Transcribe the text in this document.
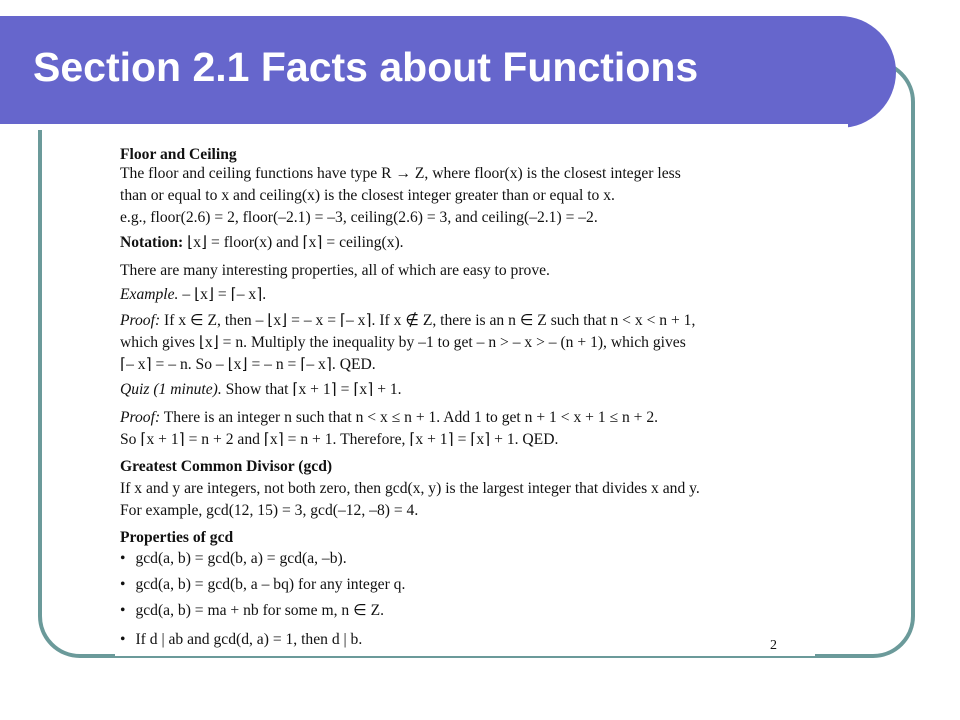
Section 2.1 Facts about Functions
Floor and Ceiling
The floor and ceiling functions have type R → Z, where floor(x) is the closest integer less
than or equal to x and ceiling(x) is the closest integer greater than or equal to x.
e.g., floor(2.6) = 2, floor(–2.1) = –3, ceiling(2.6) = 3, and ceiling(–2.1) = –2.
Notation: ⌊x⌋ = floor(x) and ⌈x⌉ = ceiling(x).
There are many interesting properties, all of which are easy to prove.
Example. – ⌊x⌋ = ⌈– x⌉.
Proof: If x ∈ Z, then – ⌊x⌋ = – x = ⌈– x⌉. If x ∉ Z, there is an n ∈ Z such that n < x < n + 1,
which gives ⌊x⌋ = n. Multiply the inequality by –1 to get – n > – x > – (n + 1), which gives
⌈– x⌉ = – n. So – ⌊x⌋ = – n = ⌈– x⌉. QED.
Quiz (1 minute). Show that ⌈x + 1⌉ = ⌈x⌉ + 1.
Proof: There is an integer n such that n < x ≤ n + 1. Add 1 to get n + 1 < x + 1 ≤ n + 2.
So ⌈x + 1⌉ = n + 2 and ⌈x⌉ = n + 1. Therefore, ⌈x + 1⌉ = ⌈x⌉ + 1. QED.
Greatest Common Divisor (gcd)
If x and y are integers, not both zero, then gcd(x, y) is the largest integer that divides x and y.
For example, gcd(12, 15) = 3, gcd(–12, –8) = 4.
Properties of gcd
• gcd(a, b) = gcd(b, a) = gcd(a, –b).
• gcd(a, b) = gcd(b, a – bq) for any integer q.
• gcd(a, b) = ma + nb for some m, n ∈ Z.
• If d | ab and gcd(d, a) = 1, then d | b.	2
